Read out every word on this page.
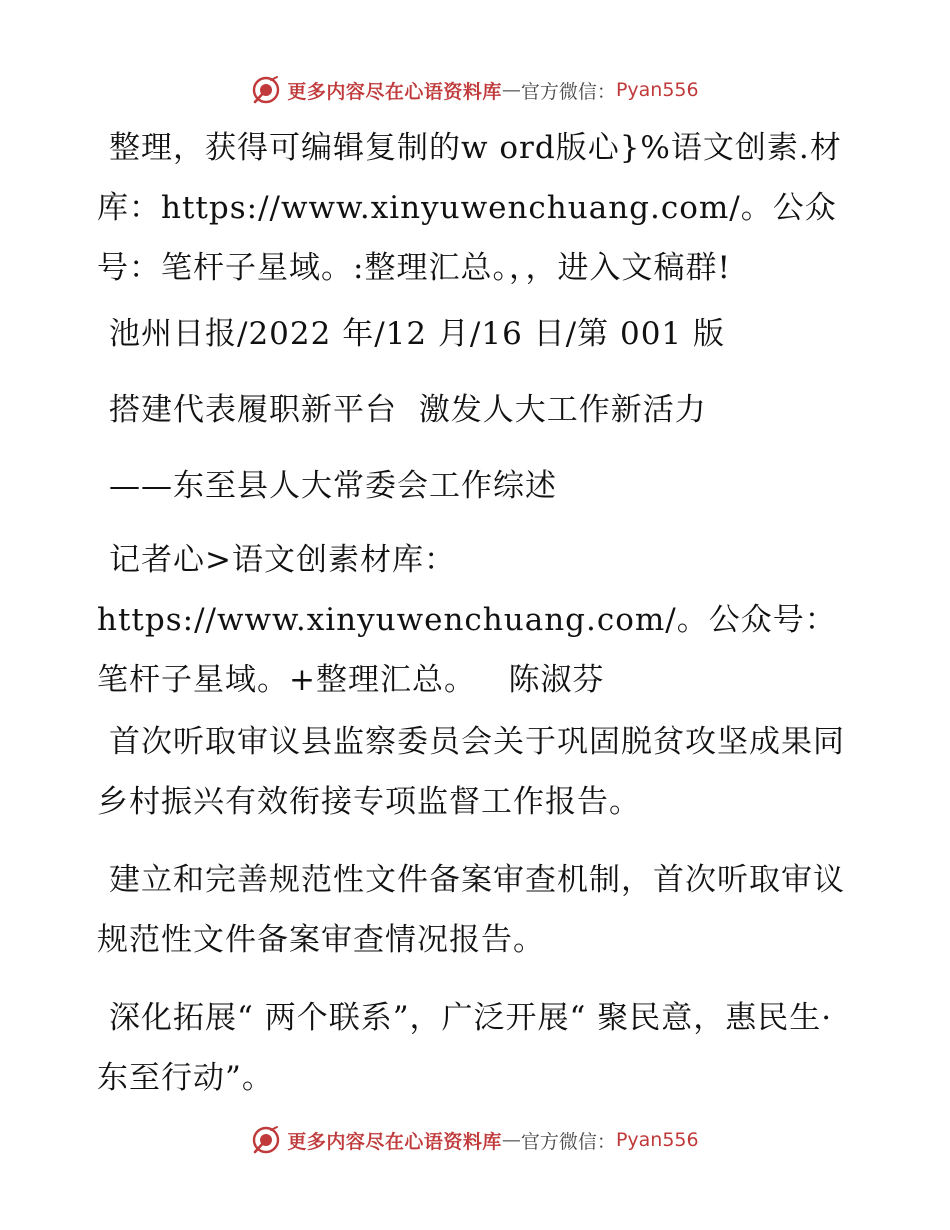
更多内容尽在心语资料库 — 官方微信： Pyan556
整理，获得可编辑复制的w ord版心}%语文创素.材库：https://www.xinyuwenchuang.com/。公众号：笔杆子星域。:整理汇总。，，进入文稿群!
池州日报/2022 年/12 月/16 日/第 001 版
搭建代表履职新平台  激发人大工作新活力
——东至县人大常委会工作综述
记者心>语文创素材库：https://www.xinyuwenchuang.com/。公众号：笔杆子星域。+整理汇总。   陈淑芬
首次听取审议县监察委员会关于巩固脱贫攻坚成果同乡村振兴有效衔接专项监督工作报告。
建立和完善规范性文件备案审查机制，首次听取审议规范性文件备案审查情况报告。
深化拓展“ 两个联系”，广泛开展“ 聚民意，惠民生· 东至行动”。
更多内容尽在心语资料库 — 官方微信： Pyan556
